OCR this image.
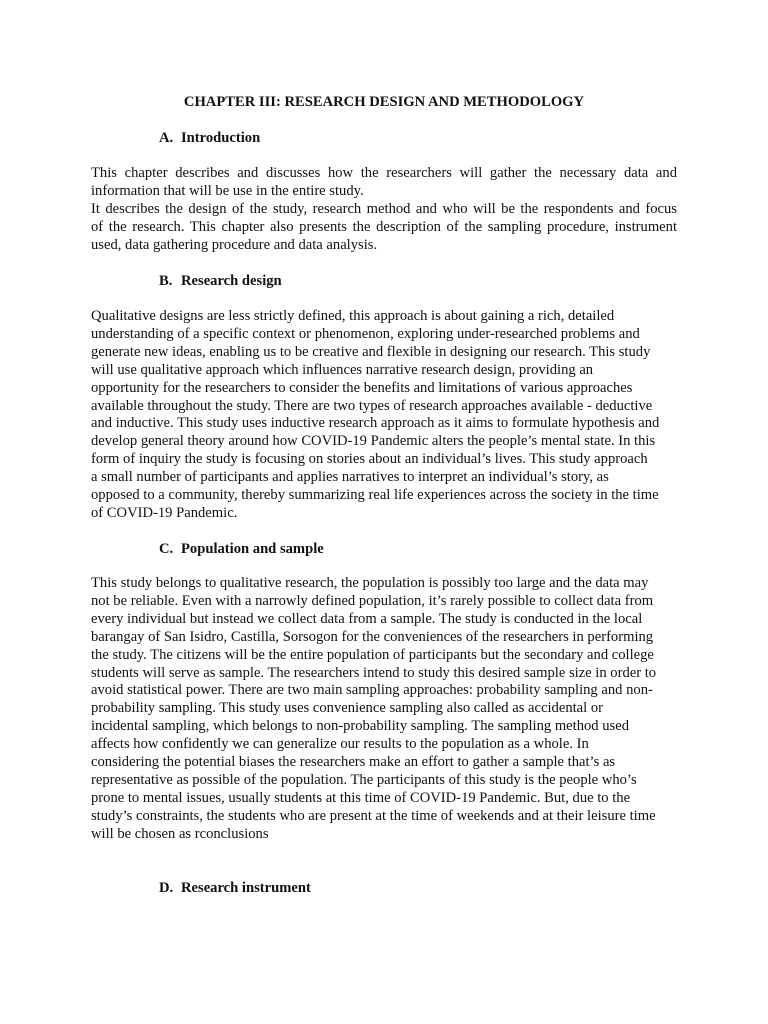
CHAPTER III: RESEARCH DESIGN AND METHODOLOGY
A. Introduction
This chapter describes and discusses how the researchers will gather the necessary data and
information that will be use in the entire study.
It describes the design of the study, research method and who will be the respondents and focus
of the research. This chapter also presents the description of the sampling procedure, instrument
used, data gathering procedure and data analysis.
B. Research design
Qualitative designs are less strictly defined, this approach is about gaining a rich, detailed
understanding of a specific context or phenomenon, exploring under-researched problems and
generate new ideas, enabling us to be creative and flexible in designing our research. This study
will use qualitative approach which influences narrative research design, providing an
opportunity for the researchers to consider the benefits and limitations of various approaches
available throughout the study. There are two types of research approaches available - deductive
and inductive. This study uses inductive research approach as it aims to formulate hypothesis and
develop general theory around how COVID-19 Pandemic alters the people’s mental state. In this
form of inquiry the study is focusing on stories about an individual’s lives. This study approach
a small number of participants and applies narratives to interpret an individual’s story, as
opposed to a community, thereby summarizing real life experiences across the society in the time
of COVID-19 Pandemic.
C. Population and sample
This study belongs to qualitative research, the population is possibly too large and the data may
not be reliable. Even with a narrowly defined population, it’s rarely possible to collect data from
every individual but instead we collect data from a sample. The study is conducted in the local
barangay of San Isidro, Castilla, Sorsogon for the conveniences of the researchers in performing
the study. The citizens will be the entire population of participants but the secondary and college
students will serve as sample. The researchers intend to study this desired sample size in order to
avoid statistical power. There are two main sampling approaches: probability sampling and non-
probability sampling. This study uses convenience sampling also called as accidental or
incidental sampling, which belongs to non-probability sampling. The sampling method used
affects how confidently we can generalize our results to the population as a whole. In
considering the potential biases the researchers make an effort to gather a sample that’s as
representative as possible of the population. The participants of this study is the people who’s
prone to mental issues, usually students at this time of COVID-19 Pandemic. But, due to the
study’s constraints, the students who are present at the time of weekends and at their leisure time
will be chosen as rconclusions
D. Research instrument
